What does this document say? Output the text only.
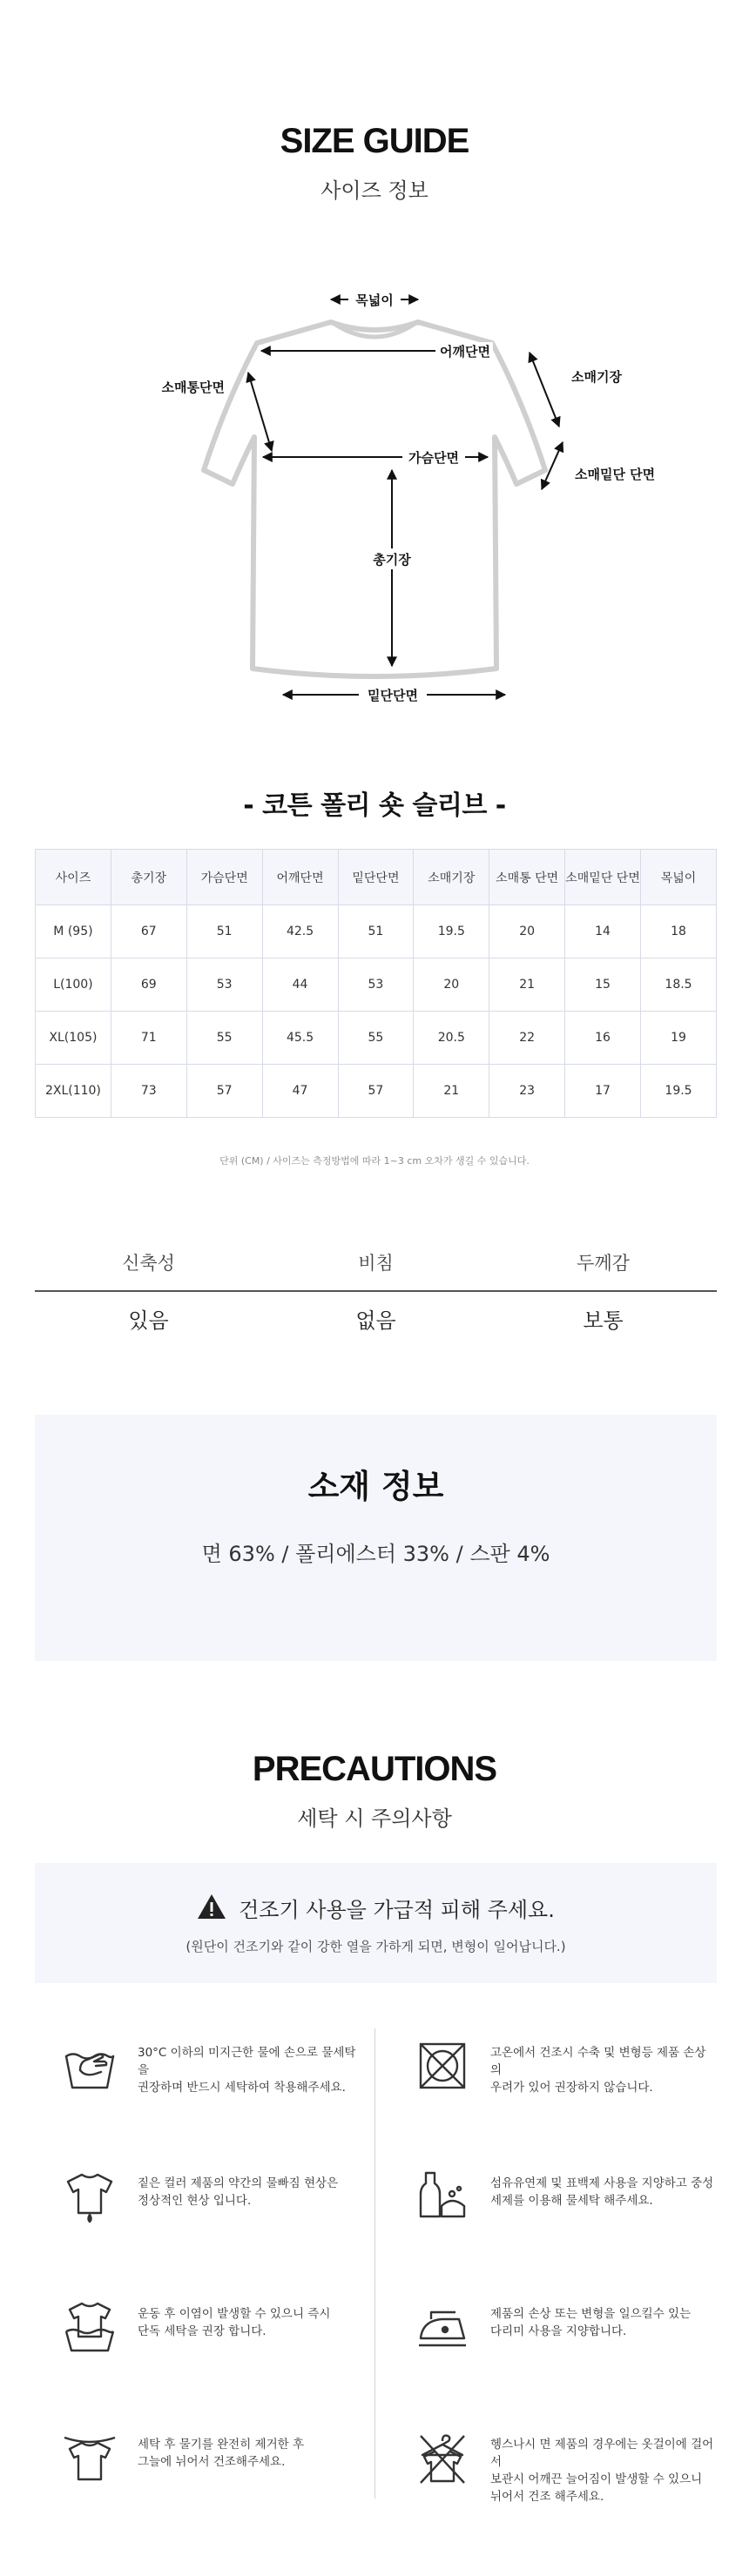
SIZE GUIDE
사이즈 정보
목넓이
어깨단면
소매기장
소매통단면
가슴단면
소매밑단 단면
총기장
밑단단면
- 코튼 폴리 숏 슬리브 -
사이즈	총기장	가슴단면	어깨단면	밑단단면	소매기장	소매통 단면	소매밑단 단면	목넓이
M (95)	67	51	42.5	51	19.5	20	14	18
L(100)	69	53	44	53	20	21	15	18.5
XL(105)	71	55	45.5	55	20.5	22	16	19
2XL(110)	73	57	47	57	21	23	17	19.5
단위 (CM) / 사이즈는 측정방법에 따라 1~3 cm 오차가 생길 수 있습니다.
신축성	비침	두께감
있음	없음	보통
소재 정보
면 63% / 폴리에스터 33% / 스판 4%
PRECAUTIONS
세탁 시 주의사항
건조기 사용을 가급적 피해 주세요.
(원단이 건조기와 같이 강한 열을 가하게 되면, 변형이 일어납니다.)
30°C 이하의 미지근한 물에 손으로 물세탁을
권장하며 반드시 세탁하여 착용해주세요.
고온에서 건조시 수축 및 변형등 제품 손상의
우려가 있어 권장하지 않습니다.
짙은 컬러 제품의 약간의 물빠짐 현상은
정상적인 현상 입니다.
섬유유연제 및 표백제 사용을 지양하고 중성
세제를 이용해 물세탁 해주세요.
운동 후 이염이 발생할 수 있으니 즉시
단독 세탁을 권장 합니다.
제품의 손상 또는 변형을 일으킬수 있는
다리미 사용을 지양합니다.
세탁 후 물기를 완전히 제거한 후
그늘에 뉘어서 건조해주세요.
헹스나시 면 제품의 경우에는 옷걸이에 걸어서
보관시 어깨끈 늘어짐이 발생할 수 있으니
뉘어서 건조 해주세요.
